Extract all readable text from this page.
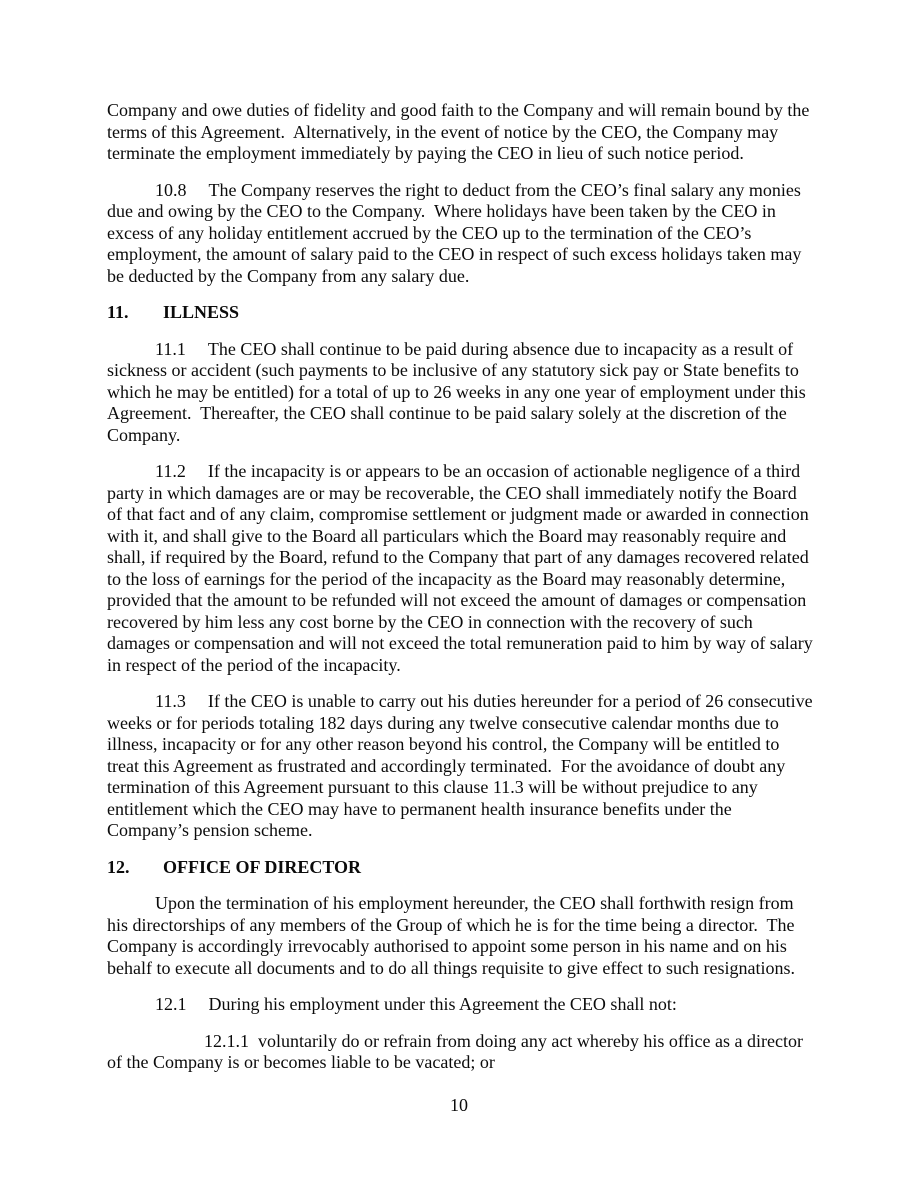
Company and owe duties of fidelity and good faith to the Company and will remain bound by the terms of this Agreement.  Alternatively, in the event of notice by the CEO, the Company may terminate the employment immediately by paying the CEO in lieu of such notice period.

10.8 The Company reserves the right to deduct from the CEO’s final salary any monies due and owing by the CEO to the Company.  Where holidays have been taken by the CEO in excess of any holiday entitlement accrued by the CEO up to the termination of the CEO’s employment, the amount of salary paid to the CEO in respect of such excess holidays taken may be deducted by the Company from any salary due.

11. ILLNESS

11.1 The CEO shall continue to be paid during absence due to incapacity as a result of sickness or accident (such payments to be inclusive of any statutory sick pay or State benefits to which he may be entitled) for a total of up to 26 weeks in any one year of employment under this Agreement.  Thereafter, the CEO shall continue to be paid salary solely at the discretion of the Company.

11.2 If the incapacity is or appears to be an occasion of actionable negligence of a third party in which damages are or may be recoverable, the CEO shall immediately notify the Board of that fact and of any claim, compromise settlement or judgment made or awarded in connection with it, and shall give to the Board all particulars which the Board may reasonably require and shall, if required by the Board, refund to the Company that part of any damages recovered related to the loss of earnings for the period of the incapacity as the Board may reasonably determine, provided that the amount to be refunded will not exceed the amount of damages or compensation recovered by him less any cost borne by the CEO in connection with the recovery of such damages or compensation and will not exceed the total remuneration paid to him by way of salary in respect of the period of the incapacity.

11.3 If the CEO is unable to carry out his duties hereunder for a period of 26 consecutive weeks or for periods totaling 182 days during any twelve consecutive calendar months due to illness, incapacity or for any other reason beyond his control, the Company will be entitled to treat this Agreement as frustrated and accordingly terminated.  For the avoidance of doubt any termination of this Agreement pursuant to this clause 11.3 will be without prejudice to any entitlement which the CEO may have to permanent health insurance benefits under the Company’s pension scheme.

12. OFFICE OF DIRECTOR

Upon the termination of his employment hereunder, the CEO shall forthwith resign from his directorships of any members of the Group of which he is for the time being a director.  The Company is accordingly irrevocably authorised to appoint some person in his name and on his behalf to execute all documents and to do all things requisite to give effect to such resignations.

12.1 During his employment under this Agreement the CEO shall not:

12.1.1 voluntarily do or refrain from doing any act whereby his office as a director of the Company is or becomes liable to be vacated; or

10
